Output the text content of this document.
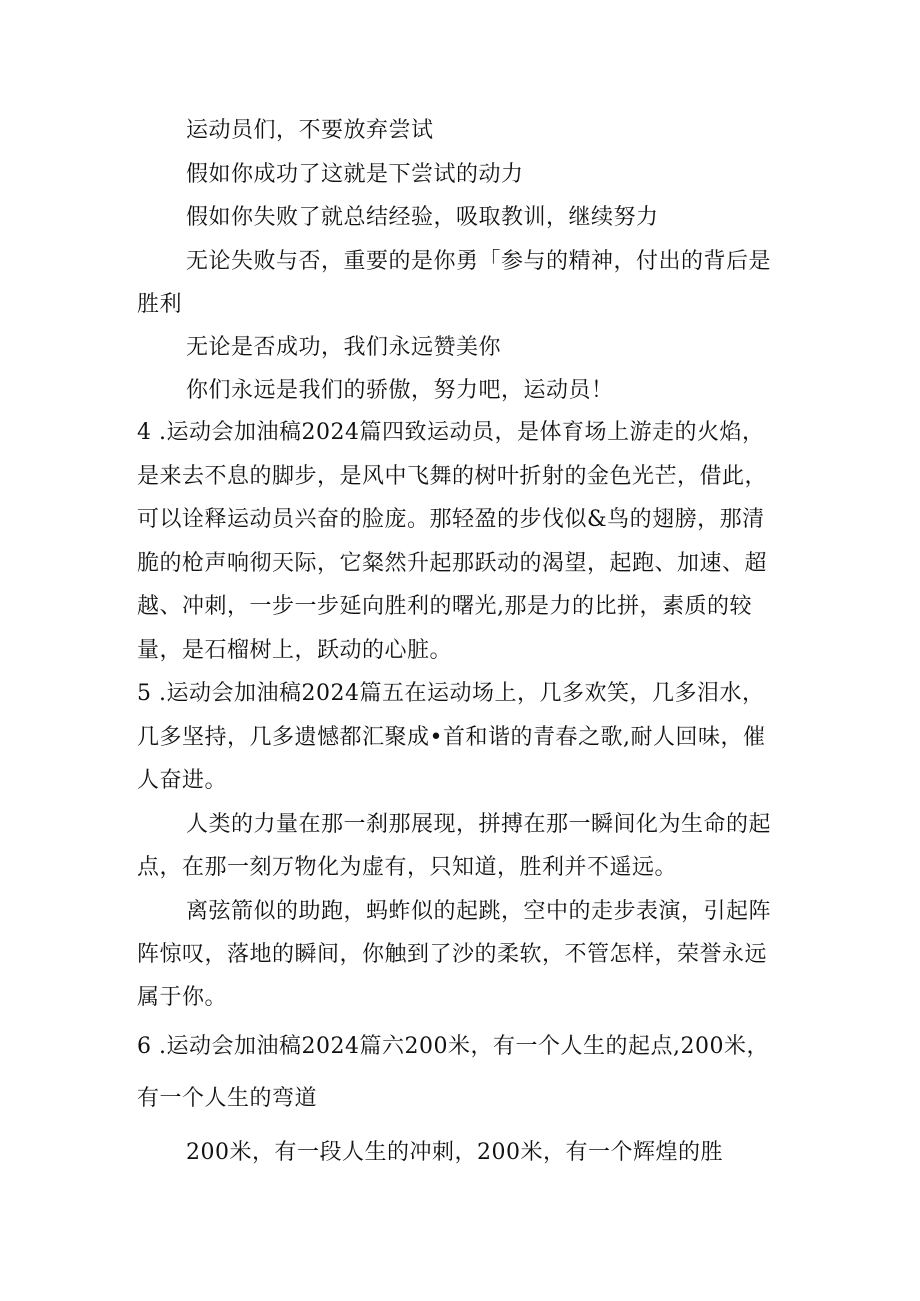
运动员们，不要放弃尝试
假如你成功了这就是下尝试的动力
假如你失败了就总结经验，吸取教训，继续努力
无论失败与否，重要的是你勇「参与的精神，付出的背后是
胜利
无论是否成功，我们永远赞美你
你们永远是我们的骄傲，努力吧，运动员！
4 .运动会加油稿2024篇四致运动员，是体育场上游走的火焰，
是来去不息的脚步，是风中飞舞的树叶折射的金色光芒，借此，
可以诠释运动员兴奋的脸庞。那轻盈的步伐似&鸟的翅膀，那清
脆的枪声响彻天际，它粲然升起那跃动的渴望，起跑、加速、超
越、冲刺，一步一步延向胜利的曙光,那是力的比拼，素质的较
量，是石榴树上，跃动的心脏。
5 .运动会加油稿2024篇五在运动场上，几多欢笑，几多泪水，
几多坚持，几多遗憾都汇聚成•首和谐的青春之歌,耐人回味，催
人奋进。
人类的力量在那一刹那展现，拼搏在那一瞬间化为生命的起
点，在那一刻万物化为虚有，只知道，胜利并不遥远。
离弦箭似的助跑，蚂蚱似的起跳，空中的走步表演，引起阵
阵惊叹，落地的瞬间，你触到了沙的柔软，不管怎样，荣誉永远
属于你。
6 .运动会加油稿2024篇六200米，有一个人生的起点,200米，
有一个人生的弯道
200米，有一段人生的冲刺，200米，有一个辉煌的胜
